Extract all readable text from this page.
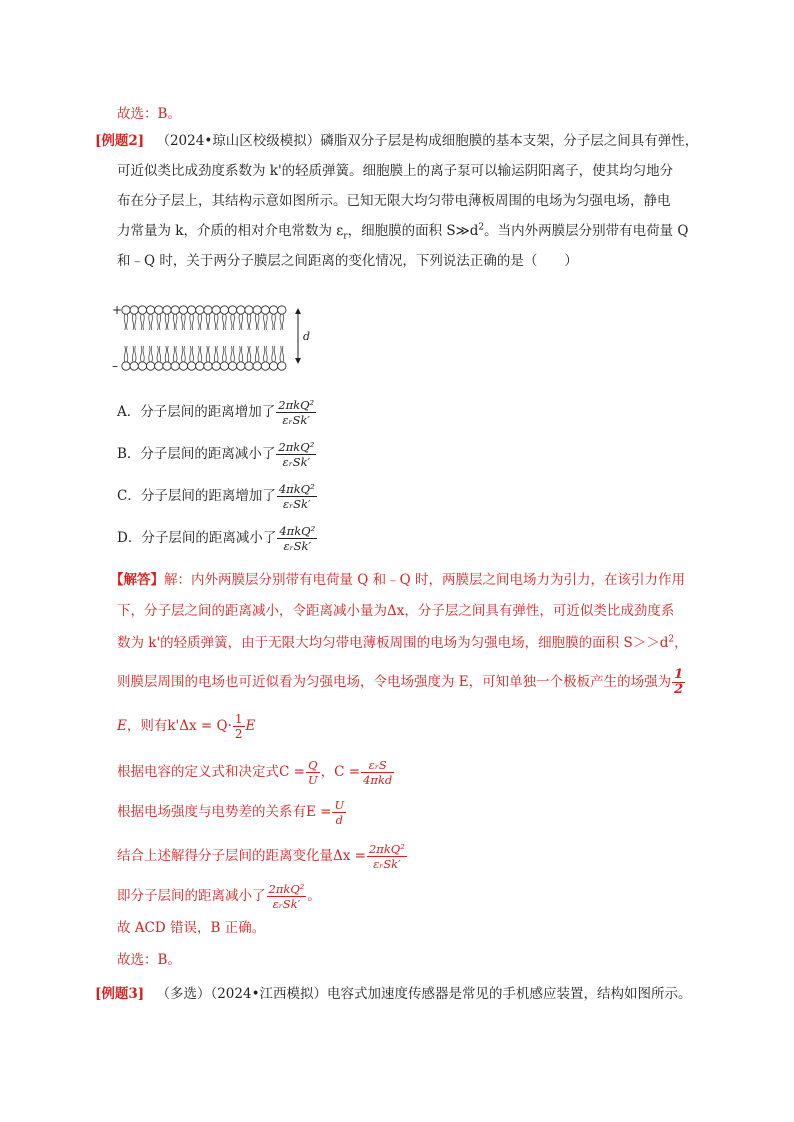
故选：B。
[例题2] （2024•琼山区校级模拟）磷脂双分子层是构成细胞膜的基本支架，分子层之间具有弹性，
可近似类比成劲度系数为 k'的轻质弹簧。细胞膜上的离子泵可以输运阴阳离子，使其均匀地分
布在分子层上，其结构示意如图所示。已知无限大均匀带电薄板周围的电场为匀强电场，静电
力常量为 k，介质的相对介电常数为 $\varepsilon_r$，细胞膜的面积 $S≫d^2$。当内外两膜层分别带有电荷量 Q
和﹣Q 时，关于两分子膜层之间距离的变化情况，下列说法正确的是（　　）
+
–
d
A．分子层间的距离增加了 $\frac{\text{2πkQ²}}{\text{εᵣSk′}}$
B．分子层间的距离减小了 $\frac{\text{2πkQ²}}{\text{εᵣSk′}}$
C．分子层间的距离增加了 $\frac{\text{4πkQ²}}{\text{εᵣSk′}}$
D．分子层间的距离减小了 $\frac{\text{4πkQ²}}{\text{εᵣSk′}}$
【解答】解：内外两膜层分别带有电荷量 Q 和﹣Q 时，两膜层之间电场力为引力，在该引力作用
下，分子层之间的距离减小，令距离减小量为Δx，分子层之间具有弹性，可近似类比成劲度系
数为 k'的轻质弹簧，由于无限大均匀带电薄板周围的电场为匀强电场，细胞膜的面积 $S>>d^2$，
则膜层周围的电场也可近似看为匀强电场，令电场强度为 E，可知单独一个极板产生的场强为 $\frac{1}{2}$
E，则有$k'\Delta x = Q\cdot \frac{1}{2}$ E
根据电容的定义式和决定式$C = \frac{Q}{U}$ ，$C = \frac{\text{εᵣS}}{\text{4πkd}}$
根据电场强度与电势差的关系有$E = \frac{U}{d}$
结合上述解得分子层间的距离变化量$\Delta x = \frac{\text{2πkQ²}}{\text{εᵣSk′}}$
即分子层间的距离减小了 $\frac{\text{2πkQ²}}{\text{εᵣSk′}}$ 。
故 ACD 错误，B 正确。
故选：B。
[例题3] （多选）（2024•江西模拟）电容式加速度传感器是常见的手机感应装置，结构如图所示。
